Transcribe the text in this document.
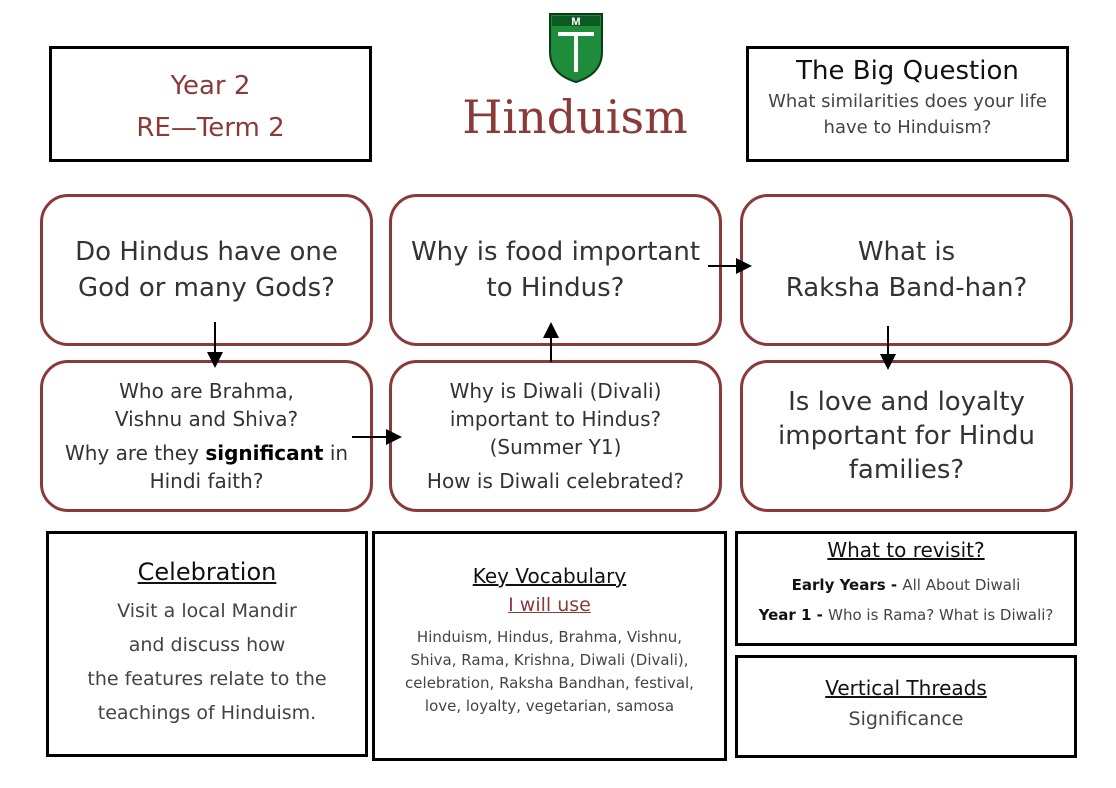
M
Year 2
RE—Term 2	Hinduism
The Big Question
What similarities does your life
have to Hinduism?
Do Hindus have one
God or many Gods?
Why is food important
to Hindus?
What is
Raksha Band-han?
Who are Brahma,
Vishnu and Shiva?
Why are they significant in
Hindi faith?
Why is Diwali (Divali)
important to Hindus?
(Summer Y1)
How is Diwali celebrated?
Is love and loyalty
important for Hindu
families?
Celebration
Visit a local Mandir
and discuss how
the features relate to the
teachings of Hinduism.
Key Vocabulary
I will use
Hinduism, Hindus, Brahma, Vishnu,
Shiva, Rama, Krishna, Diwali (Divali),
celebration, Raksha Bandhan, festival,
love, loyalty, vegetarian, samosa
What to revisit?
Early Years - All About Diwali
Year 1 - Who is Rama? What is Diwali?
Vertical Threads
Significance
